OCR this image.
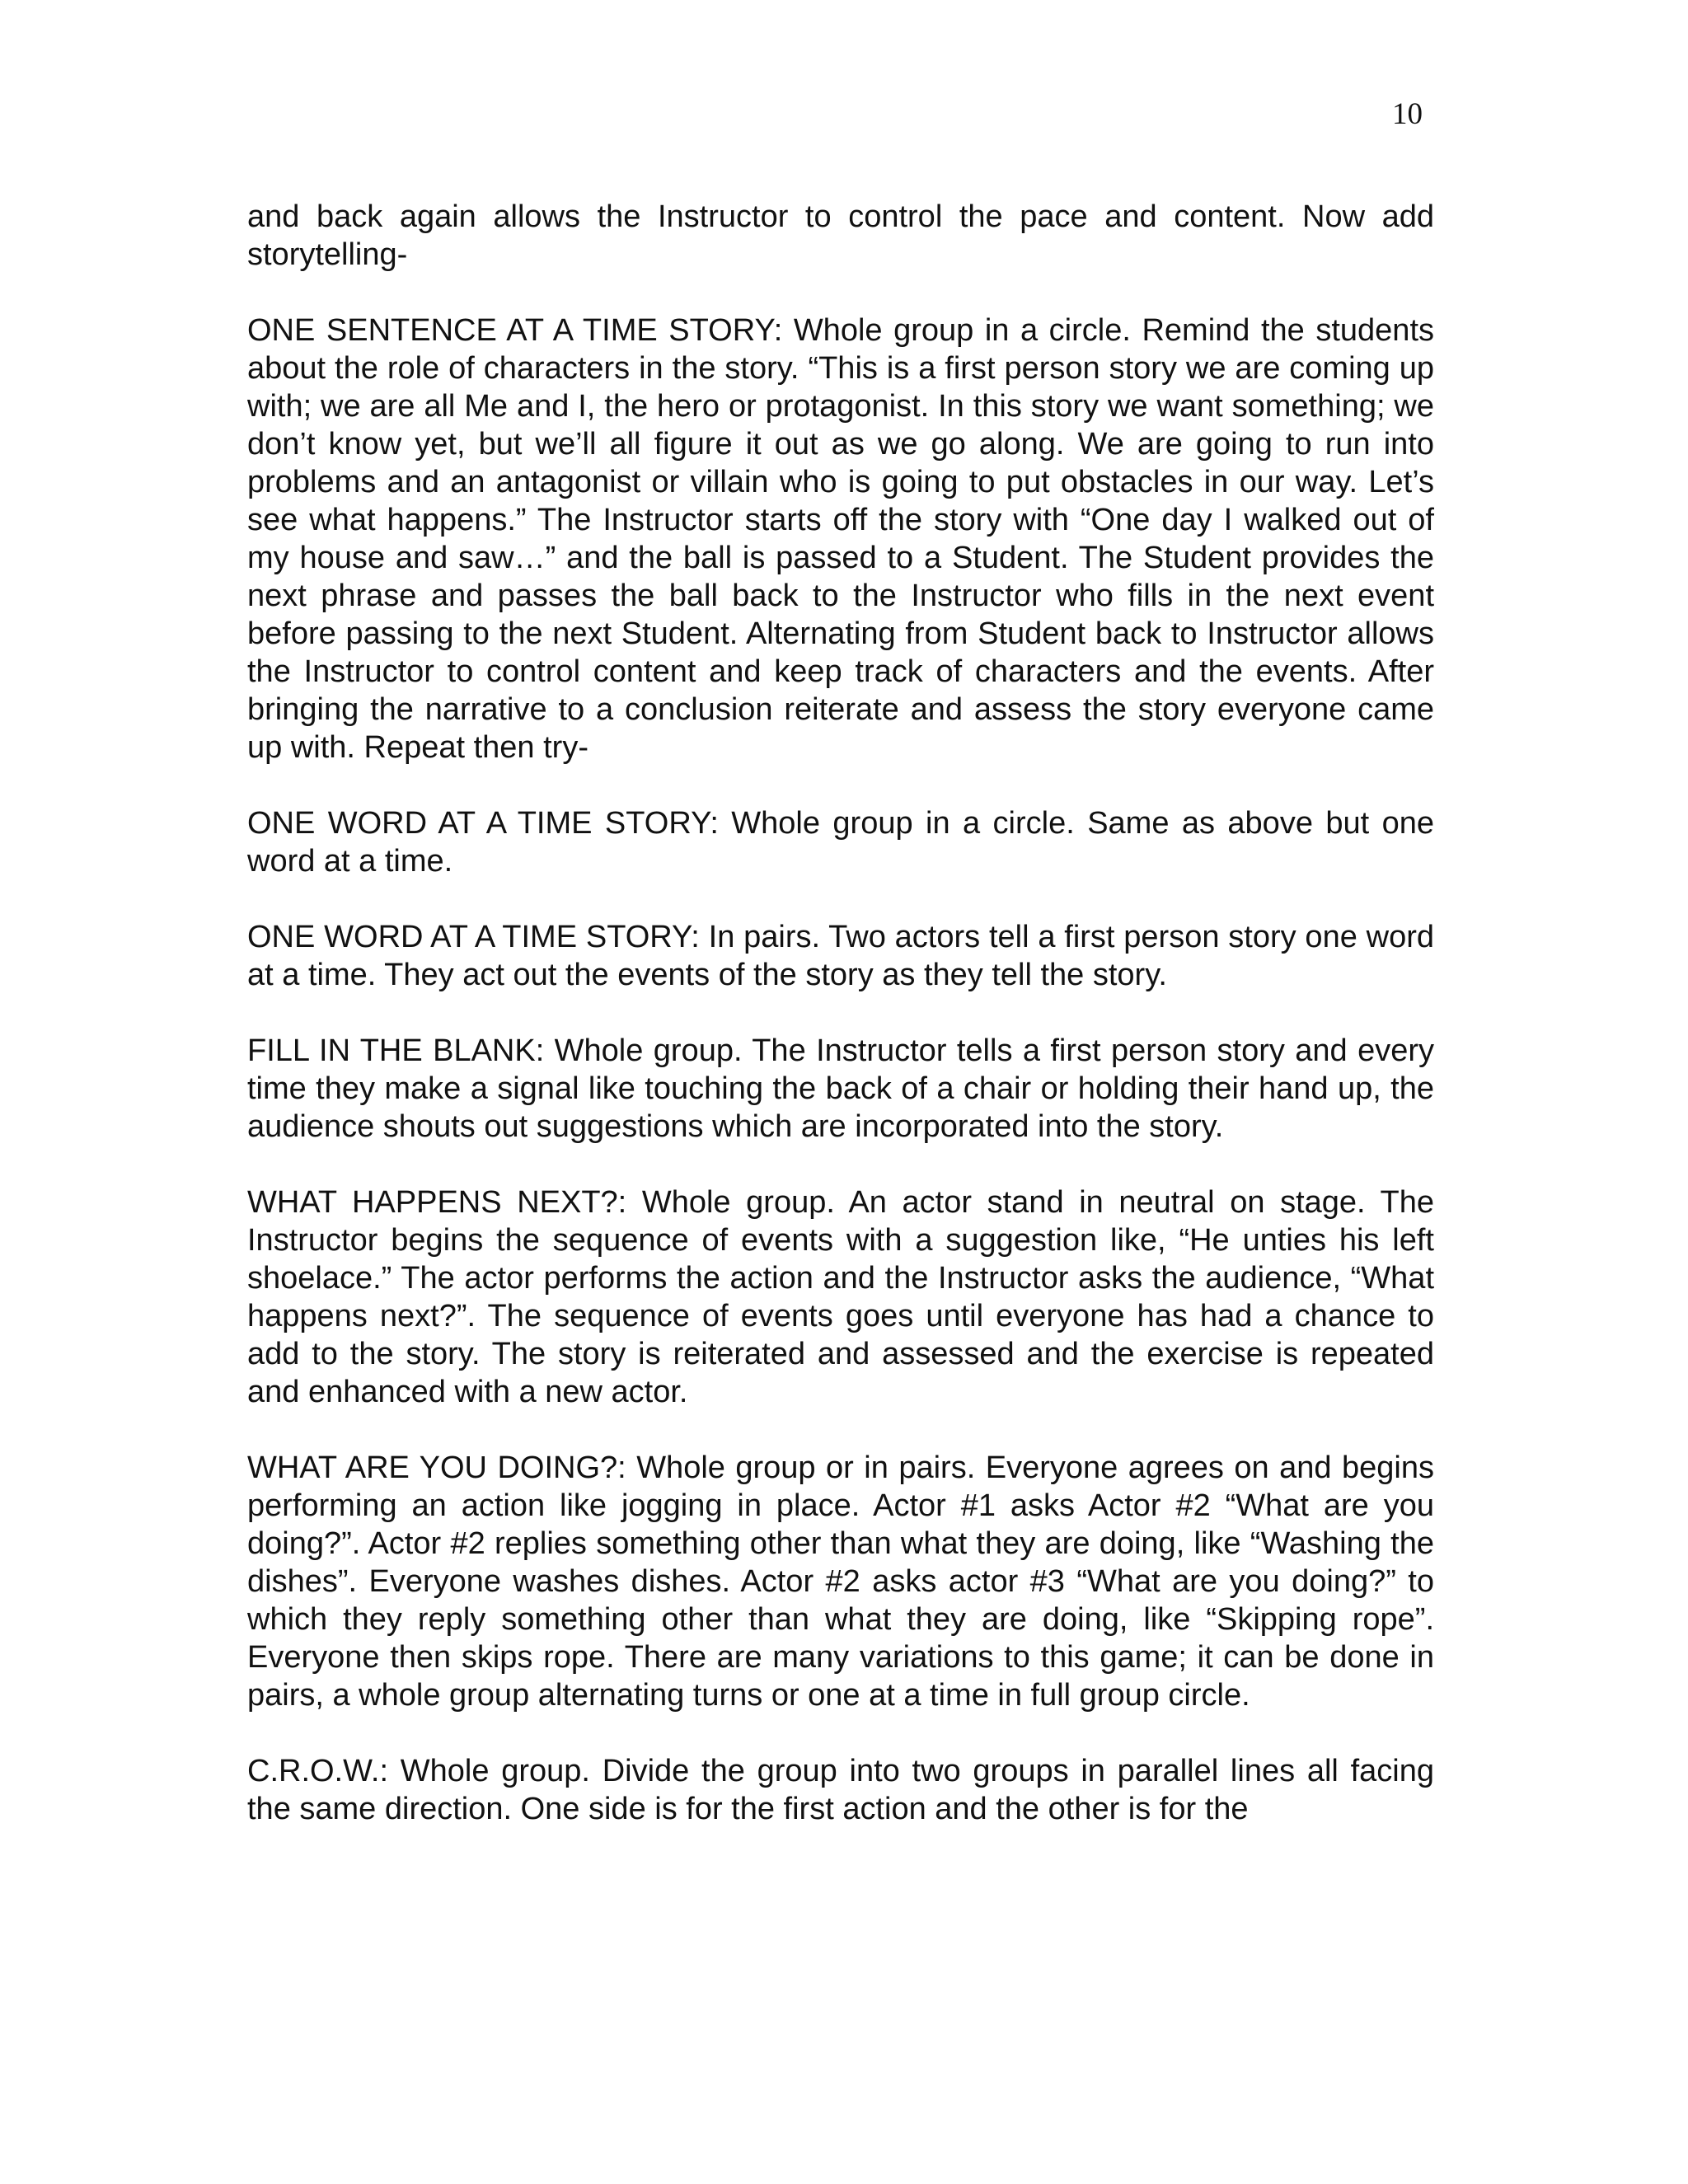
10

and back again allows the Instructor to control the pace and content. Now add storytelling-

ONE SENTENCE AT A TIME STORY: Whole group in a circle. Remind the students about the role of characters in the story. “This is a first person story we are coming up with; we are all Me and I, the hero or protagonist. In this story we want something; we don’t know yet, but we’ll all figure it out as we go along. We are going to run into problems and an antagonist or villain who is going to put obstacles in our way. Let’s see what happens.” The Instructor starts off the story with “One day I walked out of my house and saw…” and the ball is passed to a Student. The Student provides the next phrase and passes the ball back to the Instructor who fills in the next event before passing to the next Student. Alternating from Student back to Instructor allows the Instructor to control content and keep track of characters and the events. After bringing the narrative to a conclusion reiterate and assess the story everyone came up with. Repeat then try-

ONE WORD AT A TIME STORY: Whole group in a circle. Same as above but one word at a time.

ONE WORD AT A TIME STORY: In pairs. Two actors tell a first person story one word at a time. They act out the events of the story as they tell the story.

FILL IN THE BLANK: Whole group. The Instructor tells a first person story and every time they make a signal like touching the back of a chair or holding their hand up, the audience shouts out suggestions which are incorporated into the story.

WHAT HAPPENS NEXT?: Whole group. An actor stand in neutral on stage. The Instructor begins the sequence of events with a suggestion like, “He unties his left shoelace.” The actor performs the action and the Instructor asks the audience, “What happens next?”. The sequence of events goes until everyone has had a chance to add to the story. The story is reiterated and assessed and the exercise is repeated and enhanced with a new actor.

WHAT ARE YOU DOING?: Whole group or in pairs. Everyone agrees on and begins performing an action like jogging in place. Actor #1 asks Actor #2 “What are you doing?”. Actor #2 replies something other than what they are doing, like “Washing the dishes”. Everyone washes dishes. Actor #2 asks actor #3 “What are you doing?” to which they reply something other than what they are doing, like “Skipping rope”. Everyone then skips rope. There are many variations to this game; it can be done in pairs, a whole group alternating turns or one at a time in full group circle.

C.R.O.W.: Whole group. Divide the group into two groups in parallel lines all facing the same direction. One side is for the first action and the other is for the
